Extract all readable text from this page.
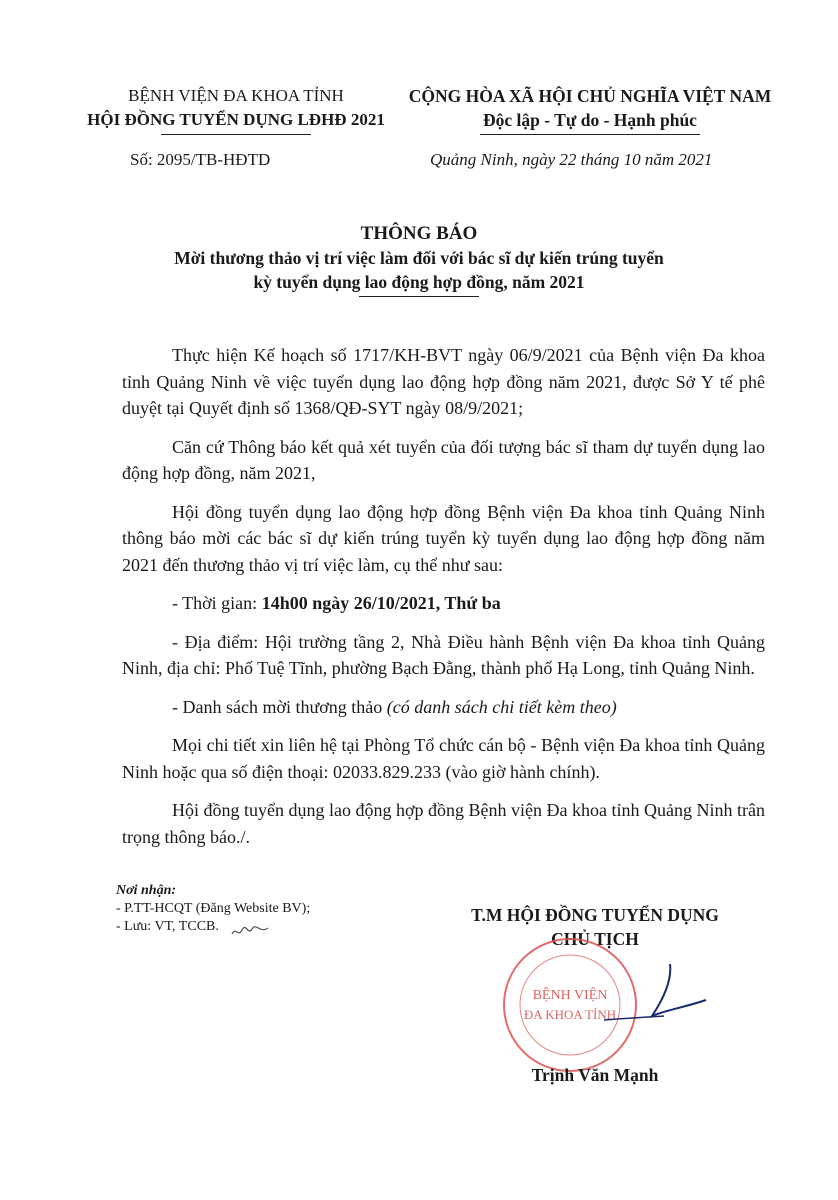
BỆNH VIỆN ĐA KHOA TỈNH
HỘI ĐỒNG TUYỂN DỤNG LĐHĐ 2021
CỘNG HÒA XÃ HỘI CHỦ NGHĨA VIỆT NAM
Độc lập - Tự do - Hạnh phúc
Số: 2095/TB-HĐTD	Quảng Ninh, ngày 22 tháng 10 năm 2021
THÔNG BÁO
Mời thương thảo vị trí việc làm đối với bác sĩ dự kiến trúng tuyển
kỳ tuyển dụng lao động hợp đồng, năm 2021

Thực hiện Kế hoạch số 1717/KH-BVT ngày 06/9/2021 của Bệnh viện Đa khoa tỉnh Quảng Ninh về việc tuyển dụng lao động hợp đồng năm 2021, được Sở Y tế phê duyệt tại Quyết định số 1368/QĐ-SYT ngày 08/9/2021;

Căn cứ Thông báo kết quả xét tuyển của đối tượng bác sĩ tham dự tuyển dụng lao động hợp đồng, năm 2021,

Hội đồng tuyển dụng lao động hợp đồng Bệnh viện Đa khoa tỉnh Quảng Ninh thông báo mời các bác sĩ dự kiến trúng tuyển kỳ tuyển dụng lao động hợp đồng năm 2021 đến thương thảo vị trí việc làm, cụ thể như sau:

- Thời gian: 14h00 ngày 26/10/2021, Thứ ba

- Địa điểm: Hội trường tầng 2, Nhà Điều hành Bệnh viện Đa khoa tỉnh Quảng Ninh, địa chỉ: Phố Tuệ Tĩnh, phường Bạch Đằng, thành phố Hạ Long, tỉnh Quảng Ninh.

- Danh sách mời thương thảo (có danh sách chi tiết kèm theo)

Mọi chi tiết xin liên hệ tại Phòng Tổ chức cán bộ - Bệnh viện Đa khoa tỉnh Quảng Ninh hoặc qua số điện thoại: 02033.829.233 (vào giờ hành chính).

Hội đồng tuyển dụng lao động hợp đồng Bệnh viện Đa khoa tỉnh Quảng Ninh trân trọng thông báo./.

Nơi nhận:
- P.TT-HCQT (Đăng Website BV);
- Lưu: VT, TCCB.
T.M HỘI ĐỒNG TUYỂN DỤNG
CHỦ TỊCH
BỆNH VIỆN
ĐA KHOA TỈNH
Trịnh Văn Mạnh
